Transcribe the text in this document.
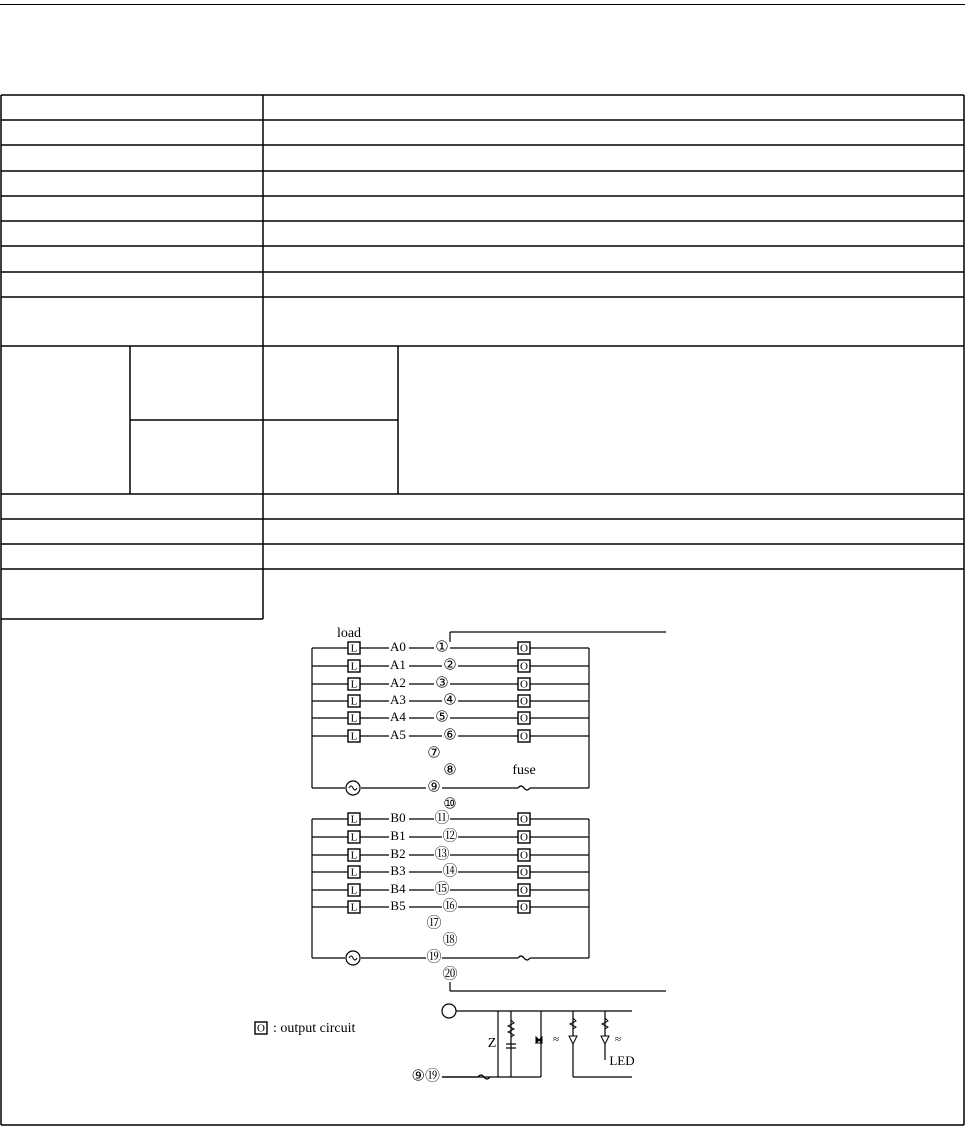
load
L	A0 ①	O
L	A1 ②	O
L	A2 ③	O
L	A3 ④	O
L	A4 ⑤	O
L	A5 ⑥	O
⑦
⑧	fuse
⑨
⑩
L	B0 ⑪	O
L	B1 ⑫	O
L	B2 ⑬	O
L	B3 ⑭	O
L	B4 ⑮	O
L	B5 ⑯	O
⑰
⑱
⑲
⑳
O : output circuit
Z	≈	≈
LED
⑨⑲
